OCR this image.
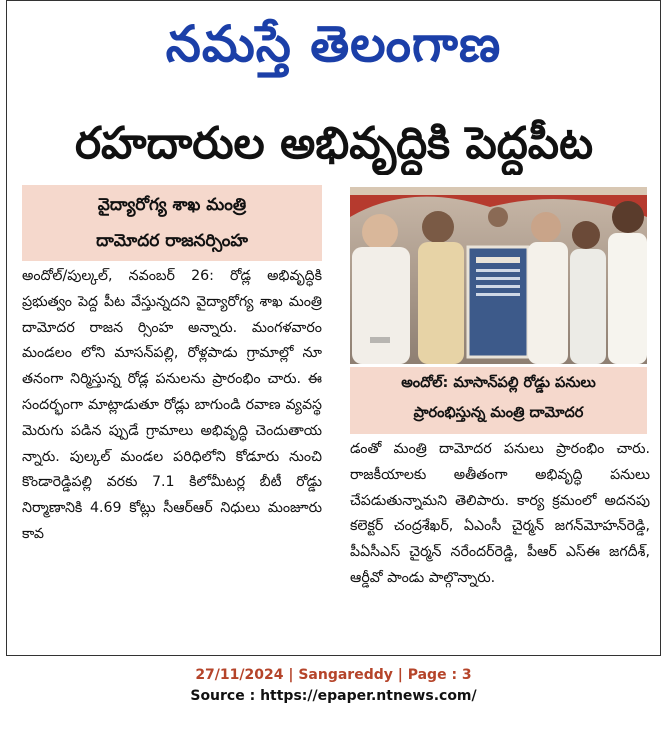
నమస్తే తెలంగాణ
రహదారుల అభివృద్ధికి పెద్దపీట
వైద్యారోగ్య శాఖ మంత్రి
దామోదర రాజనర్సింహ

అందోల్/పుల్కల్, నవంబర్ 26: రోడ్ల అభివృద్ధికి ప్రభుత్వం పెద్ద పీట వేస్తున్నదని వైద్యారోగ్య శాఖ మంత్రి దామోదర రాజన ర్సింహ అన్నారు. మంగళవారం మండలం లోని మాసన్‌పల్లి, రోళ్లపాడు గ్రామాల్లో నూ తనంగా నిర్మిస్తున్న రోడ్ల పనులను ప్రారంభిం చారు. ఈ సందర్భంగా మాట్లాడుతూ రోడ్లు బాగుండి రవాణ వ్యవస్థ మెరుగు పడిన ప్పుడే గ్రామాలు అభివృద్ధి చెందుతాయ న్నారు. పుల్కల్ మండల పరిధిలోని కోడూరు నుంచి కొండారెడ్డిపల్లి వరకు 7.1 కిలోమీటర్ల బీటీ రోడ్డు నిర్మాణానికి 4.69 కోట్లు సీఆర్‌ఆర్ నిధులు మంజూరు కావ

అందోల్: మాసాన్‌పల్లి రోడ్డు పనులు
ప్రారంభిస్తున్న మంత్రి దామోదర

డంతో మంత్రి దామోదర పనులు ప్రారంభిం చారు. రాజకీయాలకు అతీతంగా అభివృద్ధి పనులు చేపడుతున్నామని తెలిపారు. కార్య క్రమంలో అదనపు కలెక్టర్ చంద్రశేఖర్, ఏఎంసీ చైర్మన్ జగన్‌మోహన్‌రెడ్డి, పీఏసీఎస్ చైర్మన్ నరేందర్‌రెడ్డి, పీఆర్ ఎస్ఈ జగదీశ్, ఆర్డీవో పాండు పాల్గొన్నారు.

27/11/2024 | Sangareddy | Page : 3
Source : https://epaper.ntnews.com/
